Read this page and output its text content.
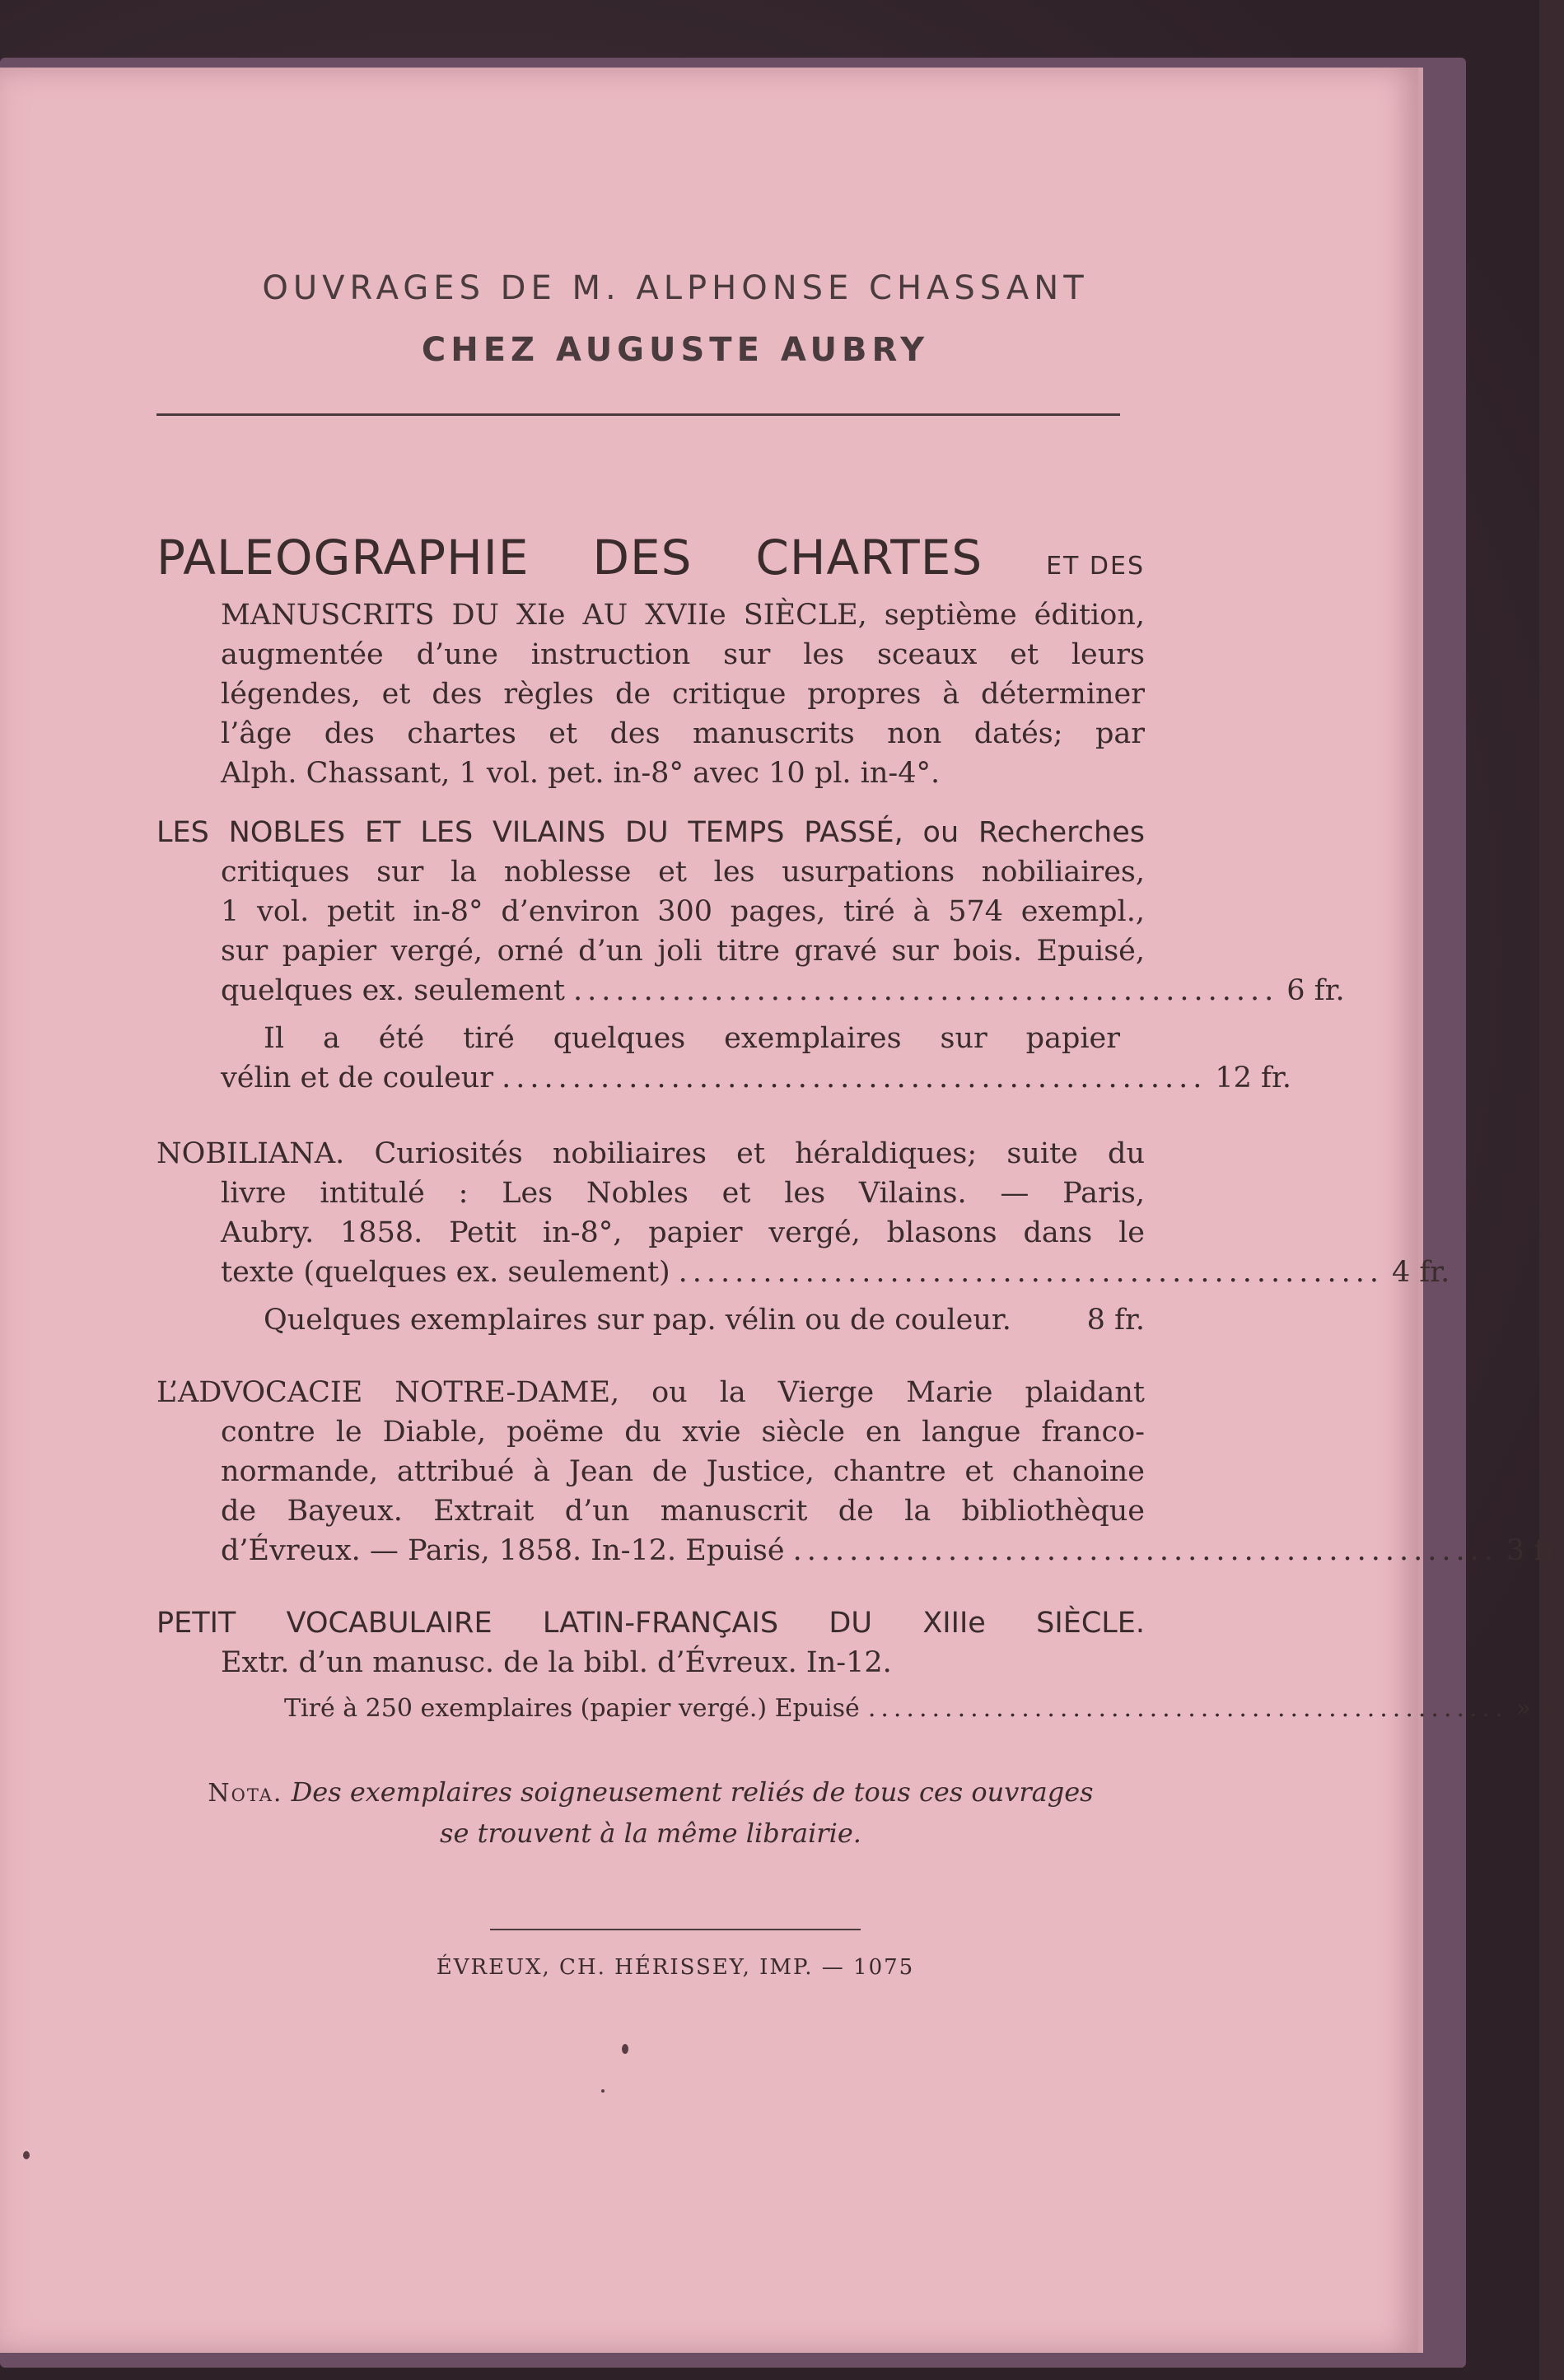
OUVRAGES DE M. ALPHONSE CHASSANT
CHEZ AUGUSTE AUBRY
PALEOGRAPHIE DES CHARTES	ET DES
MANUSCRITS DU XIe AU XVIIe SIÈCLE, septième édition,
augmentée d’une instruction sur les sceaux et leurs
légendes, et des règles de critique propres à déterminer
l’âge des chartes et des manuscrits non datés; par
Alph. Chassant, 1 vol. pet. in-8° avec 10 pl. in-4°.
LES NOBLES ET LES VILAINS DU TEMPS PASSÉ, ou Recherches
critiques sur la noblesse et les usurpations nobiliaires,
1 vol. petit in-8° d’environ 300 pages, tiré à 574 exempl.,
sur papier vergé, orné d’un joli titre gravé sur bois. Epuisé,
quelques ex. seulement .................................................. 6 fr.
Il a été tiré quelques exemplaires sur papier
vélin et de couleur .................................................. 12 fr.
NOBILIANA. Curiosités nobiliaires et héraldiques; suite du
livre intitulé : Les Nobles et les Vilains. — Paris,
Aubry. 1858. Petit in-8°, papier vergé, blasons dans le
texte (quelques ex. seulement) .................................................. 4 fr.
Quelques exemplaires sur pap. vélin ou de couleur.	8 fr.
L’ADVOCACIE NOTRE-DAME, ou la Vierge Marie plaidant
contre le Diable, poëme du xvie siècle en langue franco-
normande, attribué à Jean de Justice, chantre et chanoine
de Bayeux. Extrait d’un manuscrit de la bibliothèque
d’Évreux. — Paris, 1858. In-12. Epuisé .................................................. 3 fr.
PETIT VOCABULAIRE LATIN-FRANÇAIS DU XIIIe SIÈCLE.
Extr. d’un manusc. de la bibl. d’Évreux. In-12.
Tiré à 250 exemplaires (papier vergé.) Epuisé .................................................. » »
Nota. Des exemplaires soigneusement reliés de tous ces ouvrages
se trouvent à la même librairie.
ÉVREUX, CH. HÉRISSEY, IMP. — 1075
